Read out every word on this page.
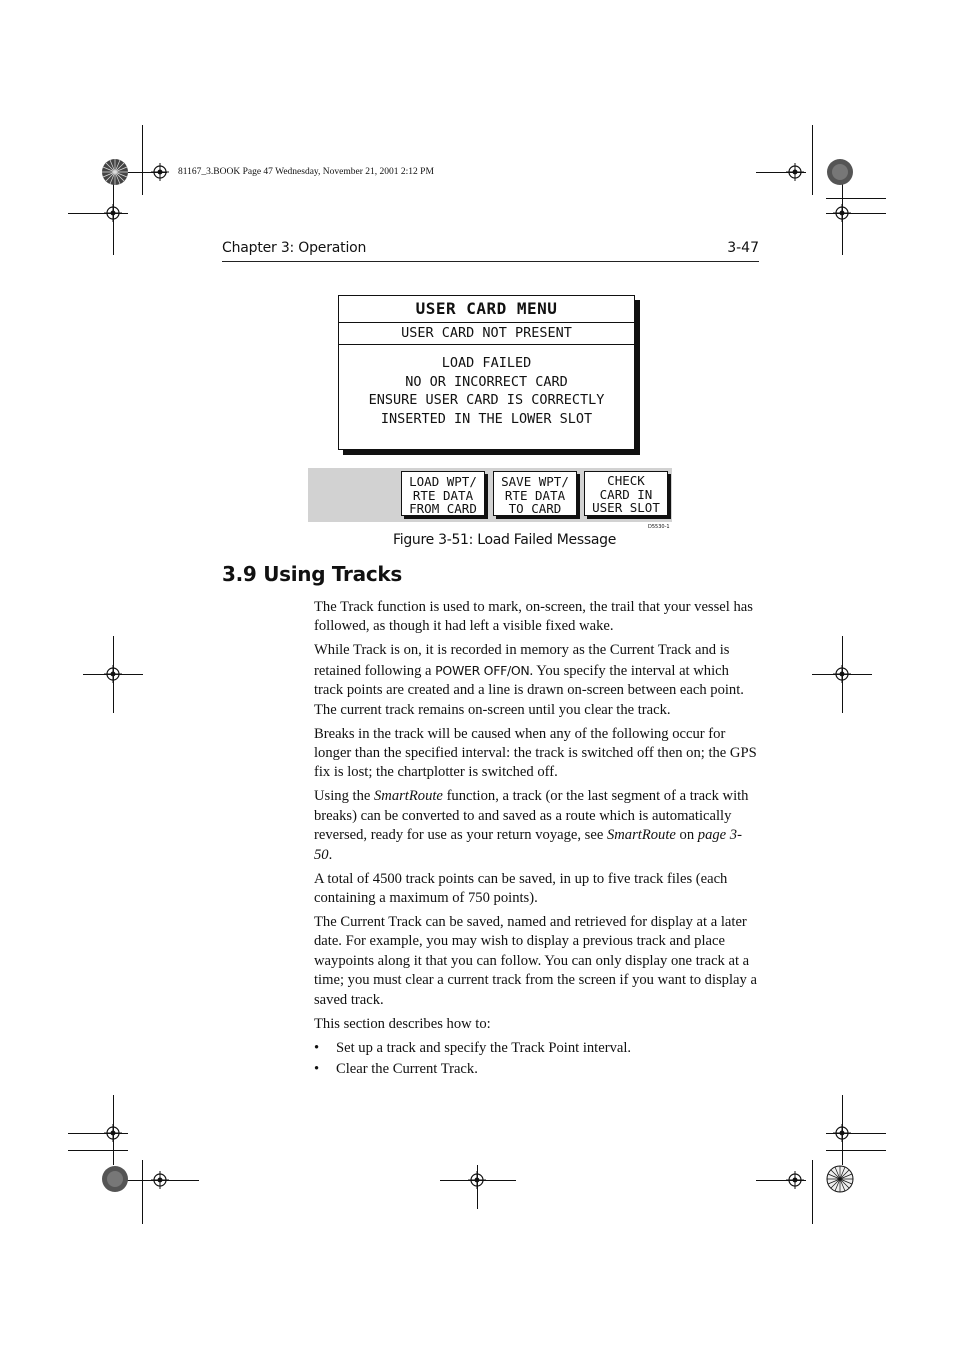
81167_3.BOOK Page 47 Wednesday, November 21, 2001 2:12 PM
Chapter 3: Operation	3-47
USER CARD MENU
USER CARD NOT PRESENT
LOAD FAILED
NO OR INCORRECT CARD
ENSURE USER CARD IS CORRECTLY
INSERTED IN THE LOWER SLOT
LOAD WPT/
RTE DATA
FROM CARD
SAVE WPT/
RTE DATA
TO CARD
CHECK
CARD IN
USER SLOT
D5530-1
Figure 3-51: Load Failed Message
3.9 Using Tracks

The Track function is used to mark, on-screen, the trail that your vessel has followed, as though it had left a visible fixed wake.

While Track is on, it is recorded in memory as the Current Track and is retained following a POWER OFF/ON. You specify the interval at which track points are created and a line is drawn on-screen between each point. The current track remains on-screen until you clear the track.

Breaks in the track will be caused when any of the following occur for longer than the specified interval: the track is switched off then on; the GPS fix is lost; the chartplotter is switched off.

Using the SmartRoute function, a track (or the last segment of a track with breaks) can be converted to and saved as a route which is automatically reversed, ready for use as your return voyage, see SmartRoute on page 3-50.

A total of 4500 track points can be saved, in up to five track files (each containing a maximum of 750 points).

The Current Track can be saved, named and retrieved for display at a later date. For example, you may wish to display a previous track and place waypoints along it that you can follow. You can only display one track at a time; you must clear a current track from the screen if you want to display a saved track.

This section describes how to:

• Set up a track and specify the Track Point interval.
• Clear the Current Track.
